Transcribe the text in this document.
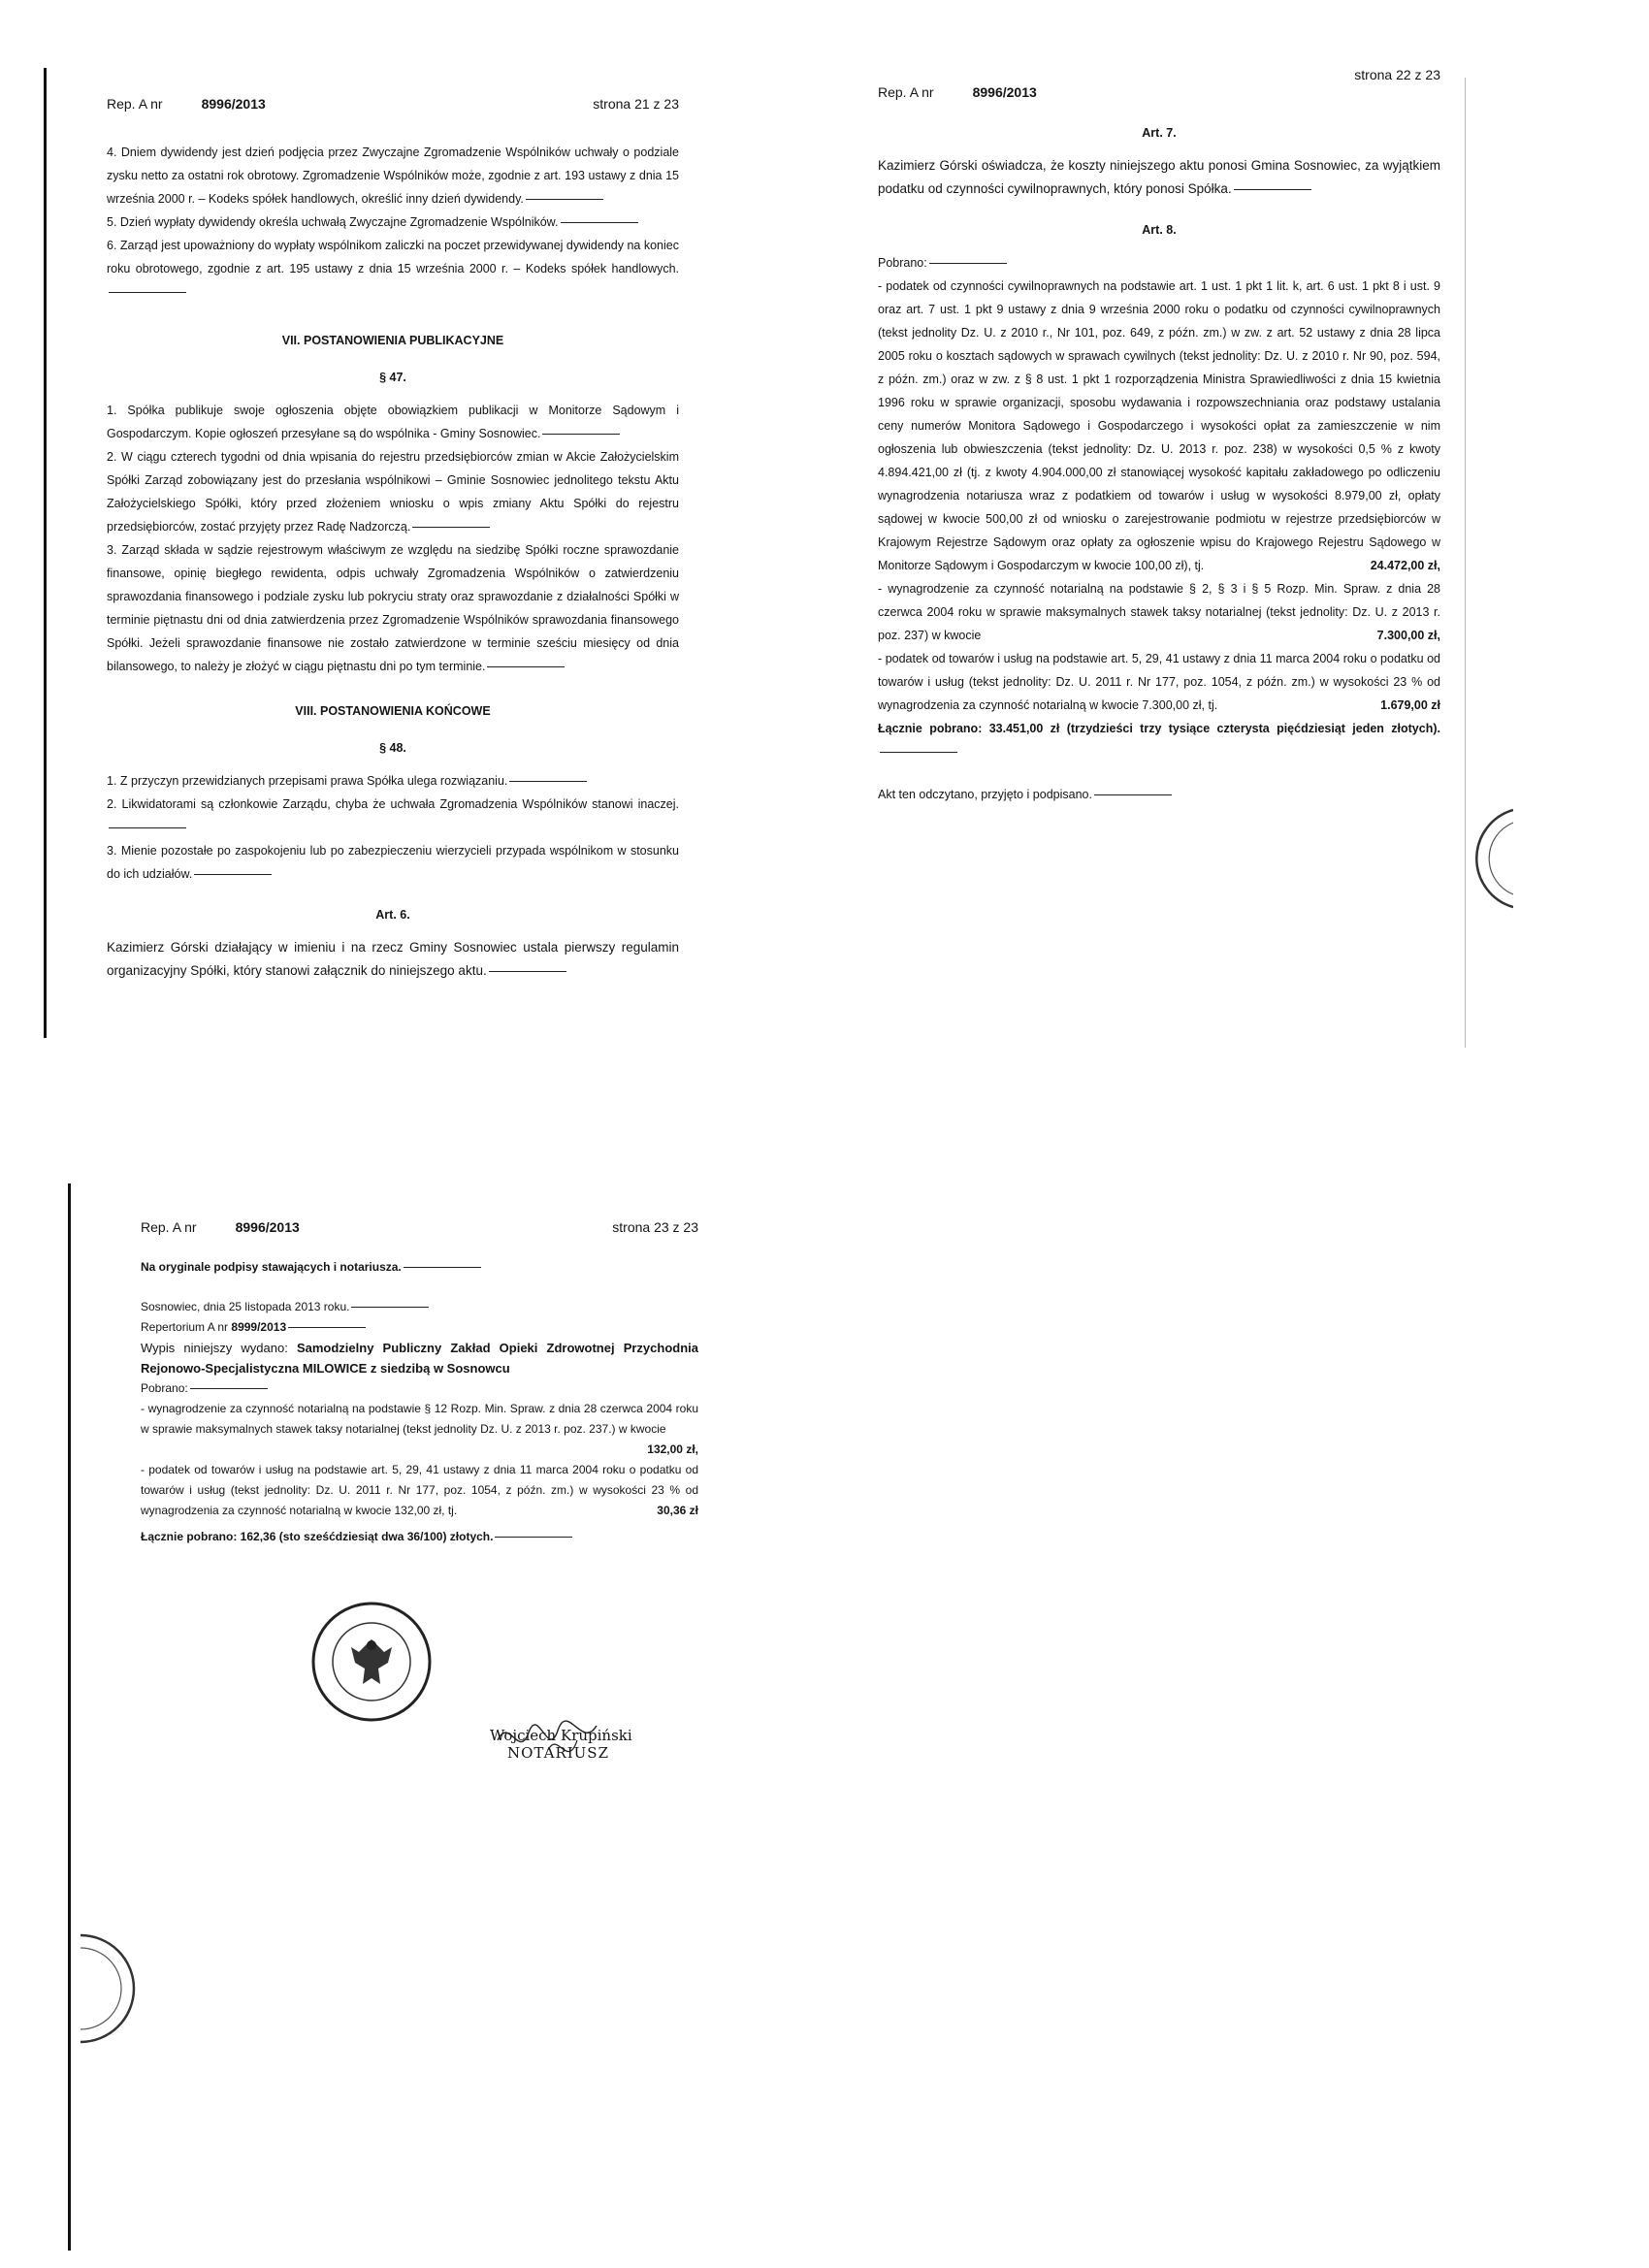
Rep. A nr	8996/2013	strona 21 z 23

4. Dniem dywidendy jest dzień podjęcia przez Zwyczajne Zgromadzenie Wspólników uchwały o podziale zysku netto za ostatni rok obrotowy. Zgromadzenie Wspólników może, zgodnie z art. 193 ustawy z dnia 15 września 2000 r. – Kodeks spółek handlowych, określić inny dzień dywidendy.

5. Dzień wypłaty dywidendy określa uchwałą Zwyczajne Zgromadzenie Wspólników.

6. Zarząd jest upoważniony do wypłaty wspólnikom zaliczki na poczet przewidywanej dywidendy na koniec roku obrotowego, zgodnie z art. 195 ustawy z dnia 15 września 2000 r. – Kodeks spółek handlowych.

VII. POSTANOWIENIA PUBLIKACYJNE
§ 47.

1. Spółka publikuje swoje ogłoszenia objęte obowiązkiem publikacji w Monitorze Sądowym i Gospodarczym. Kopie ogłoszeń przesyłane są do wspólnika - Gminy Sosnowiec.

2. W ciągu czterech tygodni od dnia wpisania do rejestru przedsiębiorców zmian w Akcie Założycielskim Spółki Zarząd zobowiązany jest do przesłania wspólnikowi – Gminie Sosnowiec jednolitego tekstu Aktu Założycielskiego Spółki, który przed złożeniem wniosku o wpis zmiany Aktu Spółki do rejestru przedsiębiorców, zostać przyjęty przez Radę Nadzorczą.

3. Zarząd składa w sądzie rejestrowym właściwym ze względu na siedzibę Spółki roczne sprawozdanie finansowe, opinię biegłego rewidenta, odpis uchwały Zgromadzenia Wspólników o zatwierdzeniu sprawozdania finansowego i podziale zysku lub pokryciu straty oraz sprawozdanie z działalności Spółki w terminie piętnastu dni od dnia zatwierdzenia przez Zgromadzenie Wspólników sprawozdania finansowego Spółki. Jeżeli sprawozdanie finansowe nie zostało zatwierdzone w terminie sześciu miesięcy od dnia bilansowego, to należy je złożyć w ciągu piętnastu dni po tym terminie.

VIII. POSTANOWIENIA KOŃCOWE
§ 48.

1. Z przyczyn przewidzianych przepisami prawa Spółka ulega rozwiązaniu.

2. Likwidatorami są członkowie Zarządu, chyba że uchwała Zgromadzenia Wspólników stanowi inaczej.

3. Mienie pozostałe po zaspokojeniu lub po zabezpieczeniu wierzycieli przypada wspólnikom w stosunku do ich udziałów.

Art. 6.

Kazimierz Górski działający w imieniu i na rzecz Gminy Sosnowiec ustala pierwszy regulamin organizacyjny Spółki, który stanowi załącznik do niniejszego aktu.

Rep. A nr	8996/2013
strona 22 z 23
Art. 7.

Kazimierz Górski oświadcza, że koszty niniejszego aktu ponosi Gmina Sosnowiec, za wyjątkiem podatku od czynności cywilnoprawnych, który ponosi Spółka.

Art. 8.

Pobrano:

- podatek od czynności cywilnoprawnych na podstawie art. 1 ust. 1 pkt 1 lit. k, art. 6 ust. 1 pkt 8 i ust. 9 oraz art. 7 ust. 1 pkt 9 ustawy z dnia 9 września 2000 roku o podatku od czynności cywilnoprawnych (tekst jednolity Dz. U. z 2010 r., Nr 101, poz. 649, z późn. zm.) w zw. z art. 52 ustawy z dnia 28 lipca 2005 roku o kosztach sądowych w sprawach cywilnych (tekst jednolity: Dz. U. z 2010 r. Nr 90, poz. 594, z późn. zm.) oraz w zw. z § 8 ust. 1 pkt 1 rozporządzenia Ministra Sprawiedliwości z dnia 15 kwietnia 1996 roku w sprawie organizacji, sposobu wydawania i rozpowszechniania oraz podstawy ustalania ceny numerów Monitora Sądowego i Gospodarczego i wysokości opłat za zamieszczenie w nim ogłoszenia lub obwieszczenia (tekst jednolity: Dz. U. 2013 r. poz. 238) w wysokości 0,5 % z kwoty 4.894.421,00 zł (tj. z kwoty 4.904.000,00 zł stanowiącej wysokość kapitału zakładowego po odliczeniu wynagrodzenia notariusza wraz z podatkiem od towarów i usług w wysokości 8.979,00 zł, opłaty sądowej w kwocie 500,00 zł od wniosku o zarejestrowanie podmiotu w rejestrze przedsiębiorców w Krajowym Rejestrze Sądowym oraz opłaty za ogłoszenie wpisu do Krajowego Rejestru Sądowego w Monitorze Sądowym i Gospodarczym w kwocie 100,00 zł), tj.	24.472,00 zł,

- wynagrodzenie za czynność notarialną na podstawie § 2, § 3 i § 5 Rozp. Min. Spraw. z dnia 28 czerwca 2004 roku w sprawie maksymalnych stawek taksy notarialnej (tekst jednolity: Dz. U. z 2013 r. poz. 237) w kwocie	7.300,00 zł,

- podatek od towarów i usług na podstawie art. 5, 29, 41 ustawy z dnia 11 marca 2004 roku o podatku od towarów i usług (tekst jednolity: Dz. U. 2011 r. Nr 177, poz. 1054, z późn. zm.) w wysokości 23 % od wynagrodzenia za czynność notarialną w kwocie 7.300,00 zł, tj.	1.679,00 zł

Łącznie pobrano: 33.451,00 zł (trzydzieści trzy tysiące czterysta pięćdziesiąt jeden złotych).

Akt ten odczytano, przyjęto i podpisano.

Rep. A nr	8996/2013	strona 23 z 23

Na oryginale podpisy stawających i notariusza.

Sosnowiec, dnia 25 listopada 2013 roku.

Repertorium A nr 8999/2013

Wypis niniejszy wydano: Samodzielny Publiczny Zakład Opieki Zdrowotnej Przychodnia Rejonowo-Specjalistyczna MILOWICE z siedzibą w Sosnowcu

Pobrano:

- wynagrodzenie za czynność notarialną na podstawie § 12 Rozp. Min. Spraw. z dnia 28 czerwca 2004 roku w sprawie maksymalnych stawek taksy notarialnej (tekst jednolity Dz. U. z 2013 r. poz. 237.) w kwocie
132,00 zł,

- podatek od towarów i usług na podstawie art. 5, 29, 41 ustawy z dnia 11 marca 2004 roku o podatku od towarów i usług (tekst jednolity: Dz. U. 2011 r. Nr 177, poz. 1054, z późn. zm.) w wysokości 23 % od wynagrodzenia za czynność notarialną w kwocie 132,00 zł, tj.	30,36 zł

Łącznie pobrano: 162,36 (sto sześćdziesiąt dwa 36/100) złotych.

Wojciech Krupiński
NOTARIUSZ
